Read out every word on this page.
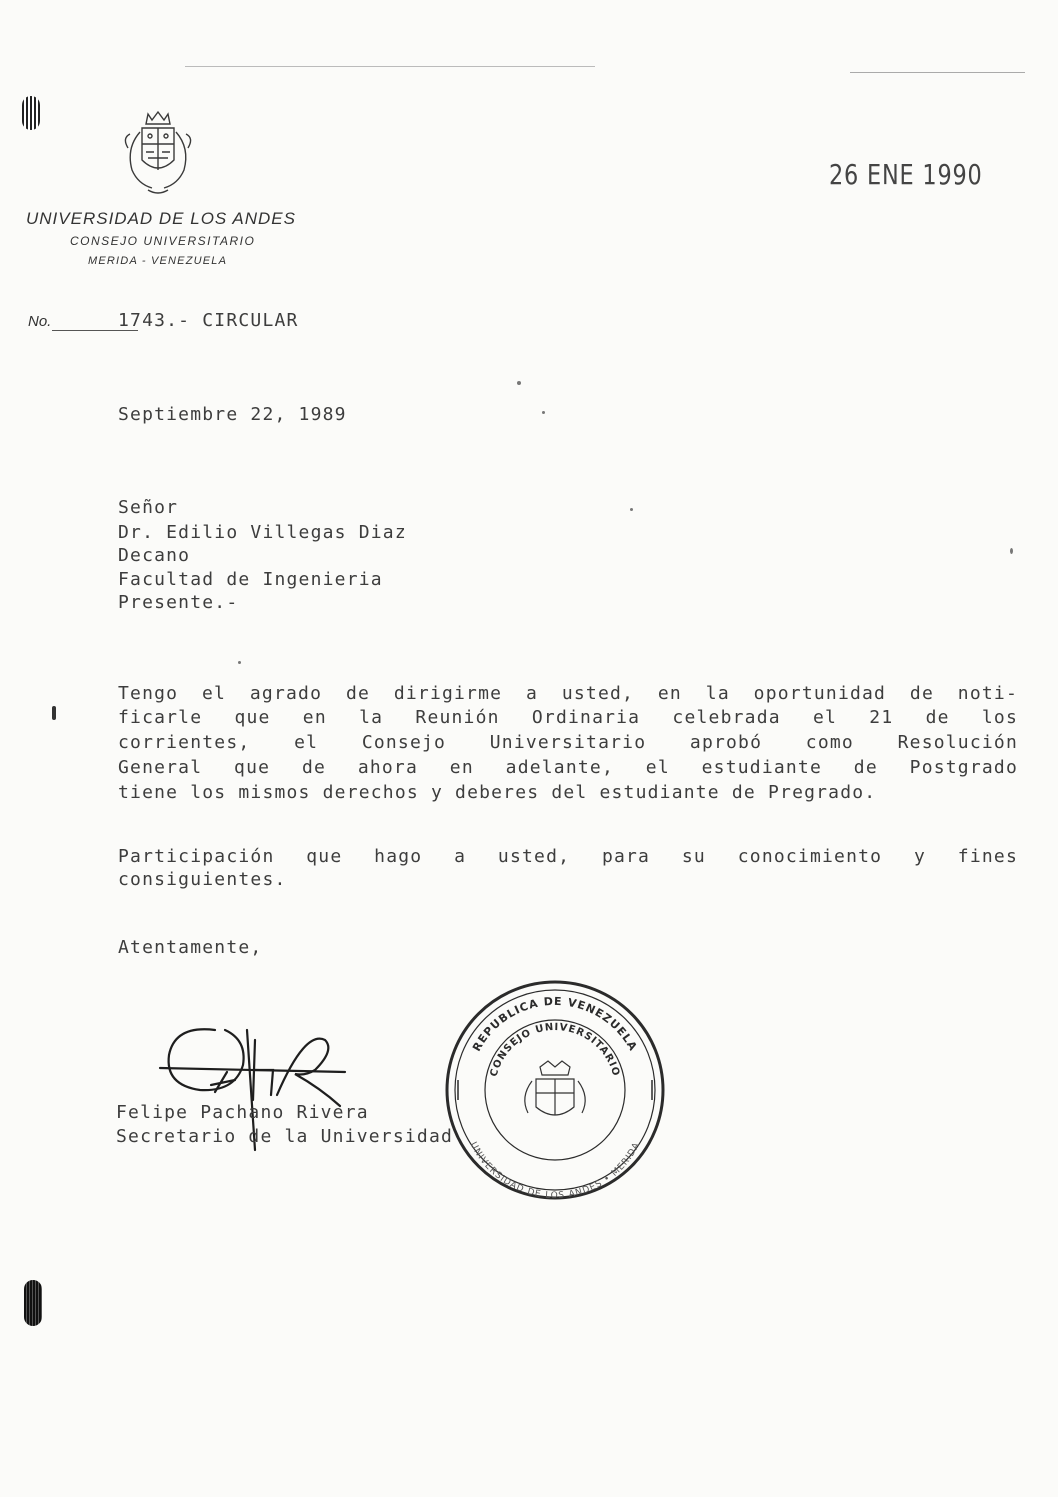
UNIVERSIDAD DE LOS ANDES
CONSEJO UNIVERSITARIO
MERIDA - VENEZUELA
26 ENE 1990
No.	1743.- CIRCULAR
Septiembre 22, 1989
Señor
Dr. Edilio Villegas Diaz
Decano
Facultad de Ingenieria
Presente.-
Tengo el agrado de dirigirme a usted, en la oportunidad de noti-
ficarle que en la Reunión Ordinaria celebrada el 21 de los
corrientes, el Consejo Universitario aprobó como Resolución
General que de ahora en adelante, el estudiante de Postgrado
tiene los mismos derechos y deberes del estudiante de Pregrado.
Participación que hago a usted, para su conocimiento y fines
consiguientes.
Atentamente,
Felipe Pachano Rivera
Secretario de la Universidad
REPUBLICA DE VENEZUELA
CONSEJO UNIVERSITARIO
UNIVERSIDAD DE LOS ANDES • MERIDA
